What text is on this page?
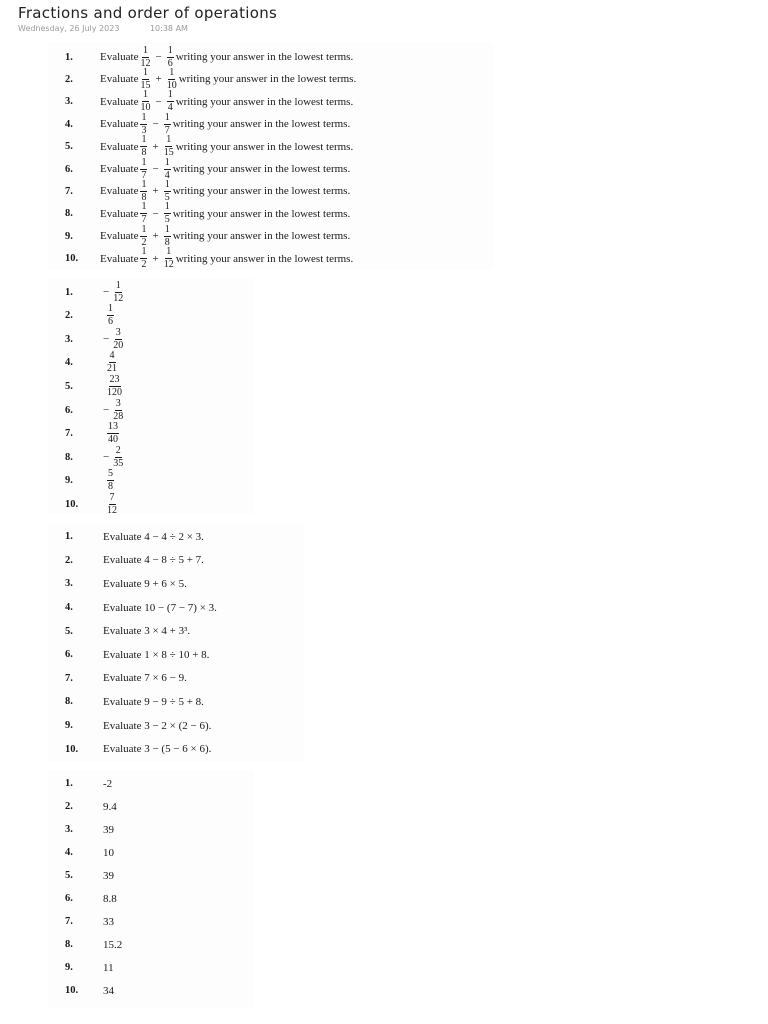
Fractions and order of operations
Wednesday, 26 July 2023	10:38 AM
1.	Evaluate $\frac{1}{12} - \frac{1}{6}$ writing your answer in the lowest terms.
2.	Evaluate $\frac{1}{15} + \frac{1}{10}$ writing your answer in the lowest terms.
3.	Evaluate $\frac{1}{10} - \frac{1}{4}$ writing your answer in the lowest terms.
4.	Evaluate $\frac{1}{3} - \frac{1}{7}$ writing your answer in the lowest terms.
5.	Evaluate $\frac{1}{8} + \frac{1}{15}$ writing your answer in the lowest terms.
6.	Evaluate $\frac{1}{7} - \frac{1}{4}$ writing your answer in the lowest terms.
7.	Evaluate $\frac{1}{8} + \frac{1}{5}$ writing your answer in the lowest terms.
8.	Evaluate $\frac{1}{7} - \frac{1}{5}$ writing your answer in the lowest terms.
9.	Evaluate $\frac{1}{2} + \frac{1}{8}$ writing your answer in the lowest terms.
10.	Evaluate $\frac{1}{2} + \frac{1}{12}$ writing your answer in the lowest terms.
1.	− $\frac{1}{12}$
2.	$\frac{1}{6}$
3.	− $\frac{3}{20}$
4.	$\frac{4}{21}$
5.	$\frac{23}{120}$
6.	− $\frac{3}{28}$
7.	$\frac{13}{40}$
8.	− $\frac{2}{35}$
9.	$\frac{5}{8}$
10.	$\frac{7}{12}$
1.	Evaluate 4 − 4 ÷ 2 × 3.
2.	Evaluate 4 − 8 ÷ 5 + 7.
3.	Evaluate 9 + 6 × 5.
4.	Evaluate 10 − (7 − 7) × 3.
5.	Evaluate 3 × 4 + 3³.
6.	Evaluate 1 × 8 ÷ 10 + 8.
7.	Evaluate 7 × 6 − 9.
8.	Evaluate 9 − 9 ÷ 5 + 8.
9.	Evaluate 3 − 2 × (2 − 6).
10.	Evaluate 3 − (5 − 6 × 6).
1.	-2
2.	9.4
3.	39
4.	10
5.	39
6.	8.8
7.	33
8.	15.2
9.	11
10.	34
